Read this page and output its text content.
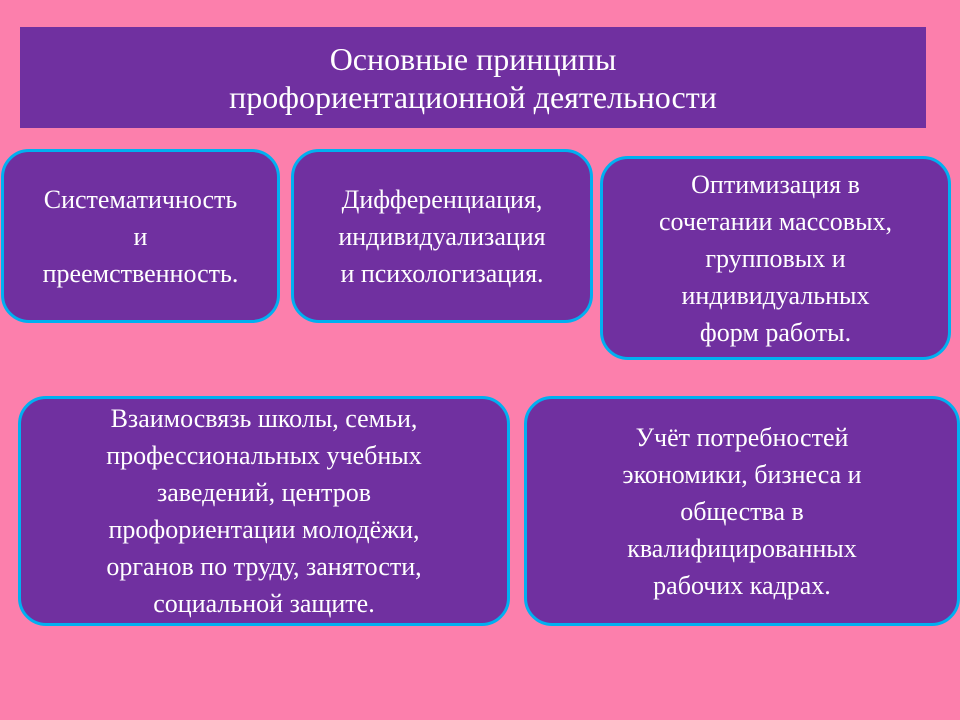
Основные принципы
профориентационной деятельности
Систематичность
и
преемственность.
Дифференциация,
индивидуализация
и психологизация.
Оптимизация в
сочетании массовых,
групповых и
индивидуальных
форм работы.
Взаимосвязь школы, семьи,
профессиональных учебных
заведений, центров
профориентации молодёжи,
органов по труду, занятости,
социальной защите.
Учёт потребностей
экономики, бизнеса и
общества в
квалифицированных
рабочих кадрах.
